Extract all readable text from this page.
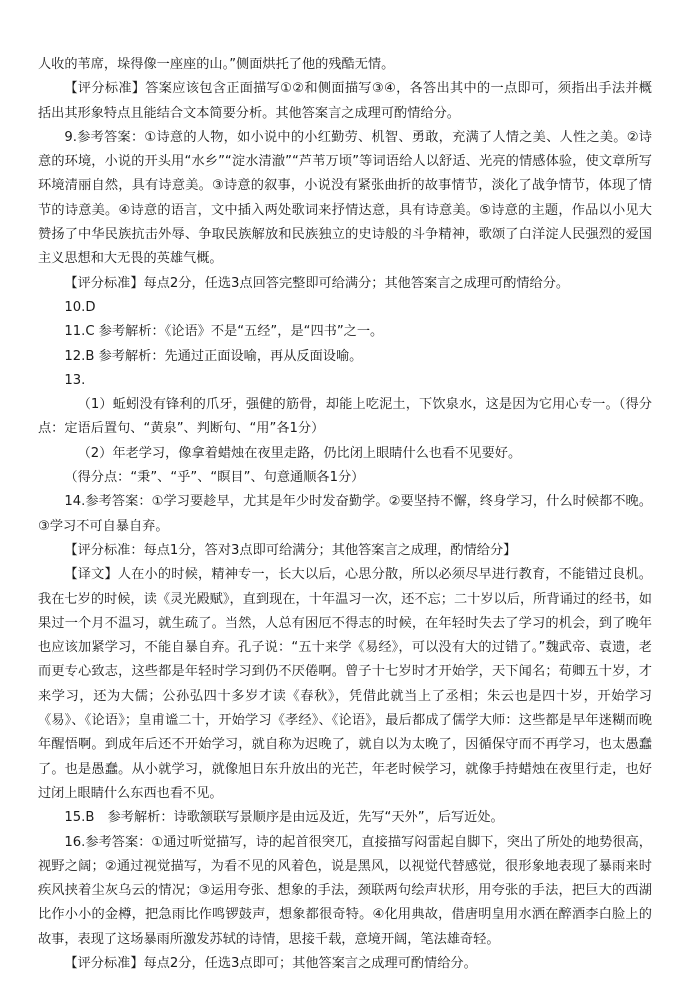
人收的苇席，垛得像一座座的山。”侧面烘托了他的残酷无情。

【评分标准】答案应该包含正面描写①②和侧面描写③④，各答出其中的一点即可，须指出手法并概括出其形象特点且能结合文本简要分析。其他答案言之成理可酌情给分。

9.参考答案：①诗意的人物，如小说中的小红勤劳、机智、勇敢，充满了人情之美、人性之美。②诗意的环境，小说的开头用“水乡”“淀水清澈”“芦苇万顷”等词语给人以舒适、光亮的情感体验，使文章所写环境清丽自然，具有诗意美。③诗意的叙事，小说没有紧张曲折的故事情节，淡化了战争情节，体现了情节的诗意美。④诗意的语言，文中插入两处歌词来抒情达意，具有诗意美。⑤诗意的主题，作品以小见大赞扬了中华民族抗击外辱、争取民族解放和民族独立的史诗般的斗争精神，歌颂了白洋淀人民强烈的爱国主义思想和大无畏的英雄气概。

【评分标准】每点2分，任选3点回答完整即可给满分；其他答案言之成理可酌情给分。

10.D

11.C 参考解析：《论语》不是“五经”，是“四书”之一。

12.B 参考解析：先通过正面设喻，再从反面设喻。

13.

（1）蚯蚓没有锋利的爪牙，强健的筋骨，却能上吃泥土，下饮泉水，这是因为它用心专一。（得分点：定语后置句、“黄泉”、判断句、“用”各1分）

（2）年老学习，像拿着蜡烛在夜里走路，仍比闭上眼睛什么也看不见要好。

（得分点：“秉”、“乎”、“瞑目”、句意通顺各1分）

14.参考答案：①学习要趁早，尤其是年少时发奋勤学。②要坚持不懈，终身学习，什么时候都不晚。③学习不可自暴自弃。

【评分标准：每点1分，答对3点即可给满分；其他答案言之成理，酌情给分】

【译文】人在小的时候，精神专一，长大以后，心思分散，所以必须尽早进行教育，不能错过良机。我在七岁的时候，读《灵光殿赋》，直到现在，十年温习一次，还不忘；二十岁以后，所背诵过的经书，如果过一个月不温习，就生疏了。当然，人总有困厄不得志的时候，在年轻时失去了学习的机会，到了晚年也应该加紧学习，不能自暴自弃。孔子说：“五十来学《易经》，可以没有大的过错了。”魏武帝、袁遗，老而更专心致志，这些都是年轻时学习到仍不厌倦啊。曾子十七岁时才开始学，天下闻名；荀卿五十岁，才来学习，还为大儒；公孙弘四十多岁才读《春秋》，凭借此就当上了丞相；朱云也是四十岁，开始学习《易》、《论语》；皇甫谧二十，开始学习《孝经》、《论语》，最后都成了儒学大师：这些都是早年迷糊而晚年醒悟啊。到成年后还不开始学习，就自称为迟晚了，就自以为太晚了，因循保守而不再学习，也太愚蠢了。也是愚蠢。从小就学习，就像旭日东升放出的光芒，年老时候学习，就像手持蜡烛在夜里行走，也好过闭上眼睛什么东西也看不见。

15.B　参考解析：诗歌颔联写景顺序是由远及近，先写“天外”，后写近处。

16.参考答案：①通过听觉描写，诗的起首很突兀，直接描写闷雷起自脚下，突出了所处的地势很高，视野之阔；②通过视觉描写，为看不见的风着色，说是黑风，以视觉代替感觉，很形象地表现了暴雨来时疾风挟着尘灰乌云的情况；③运用夸张、想象的手法，颈联两句绘声状形，用夸张的手法，把巨大的西湖比作小小的金樽，把急雨比作鸣锣鼓声，想象都很奇特。④化用典故，借唐明皇用水洒在醉酒李白脸上的故事，表现了这场暴雨所激发苏轼的诗情，思接千载，意境开阔，笔法雄奇轻。

【评分标准】每点2分，任选3点即可；其他答案言之成理可酌情给分。
